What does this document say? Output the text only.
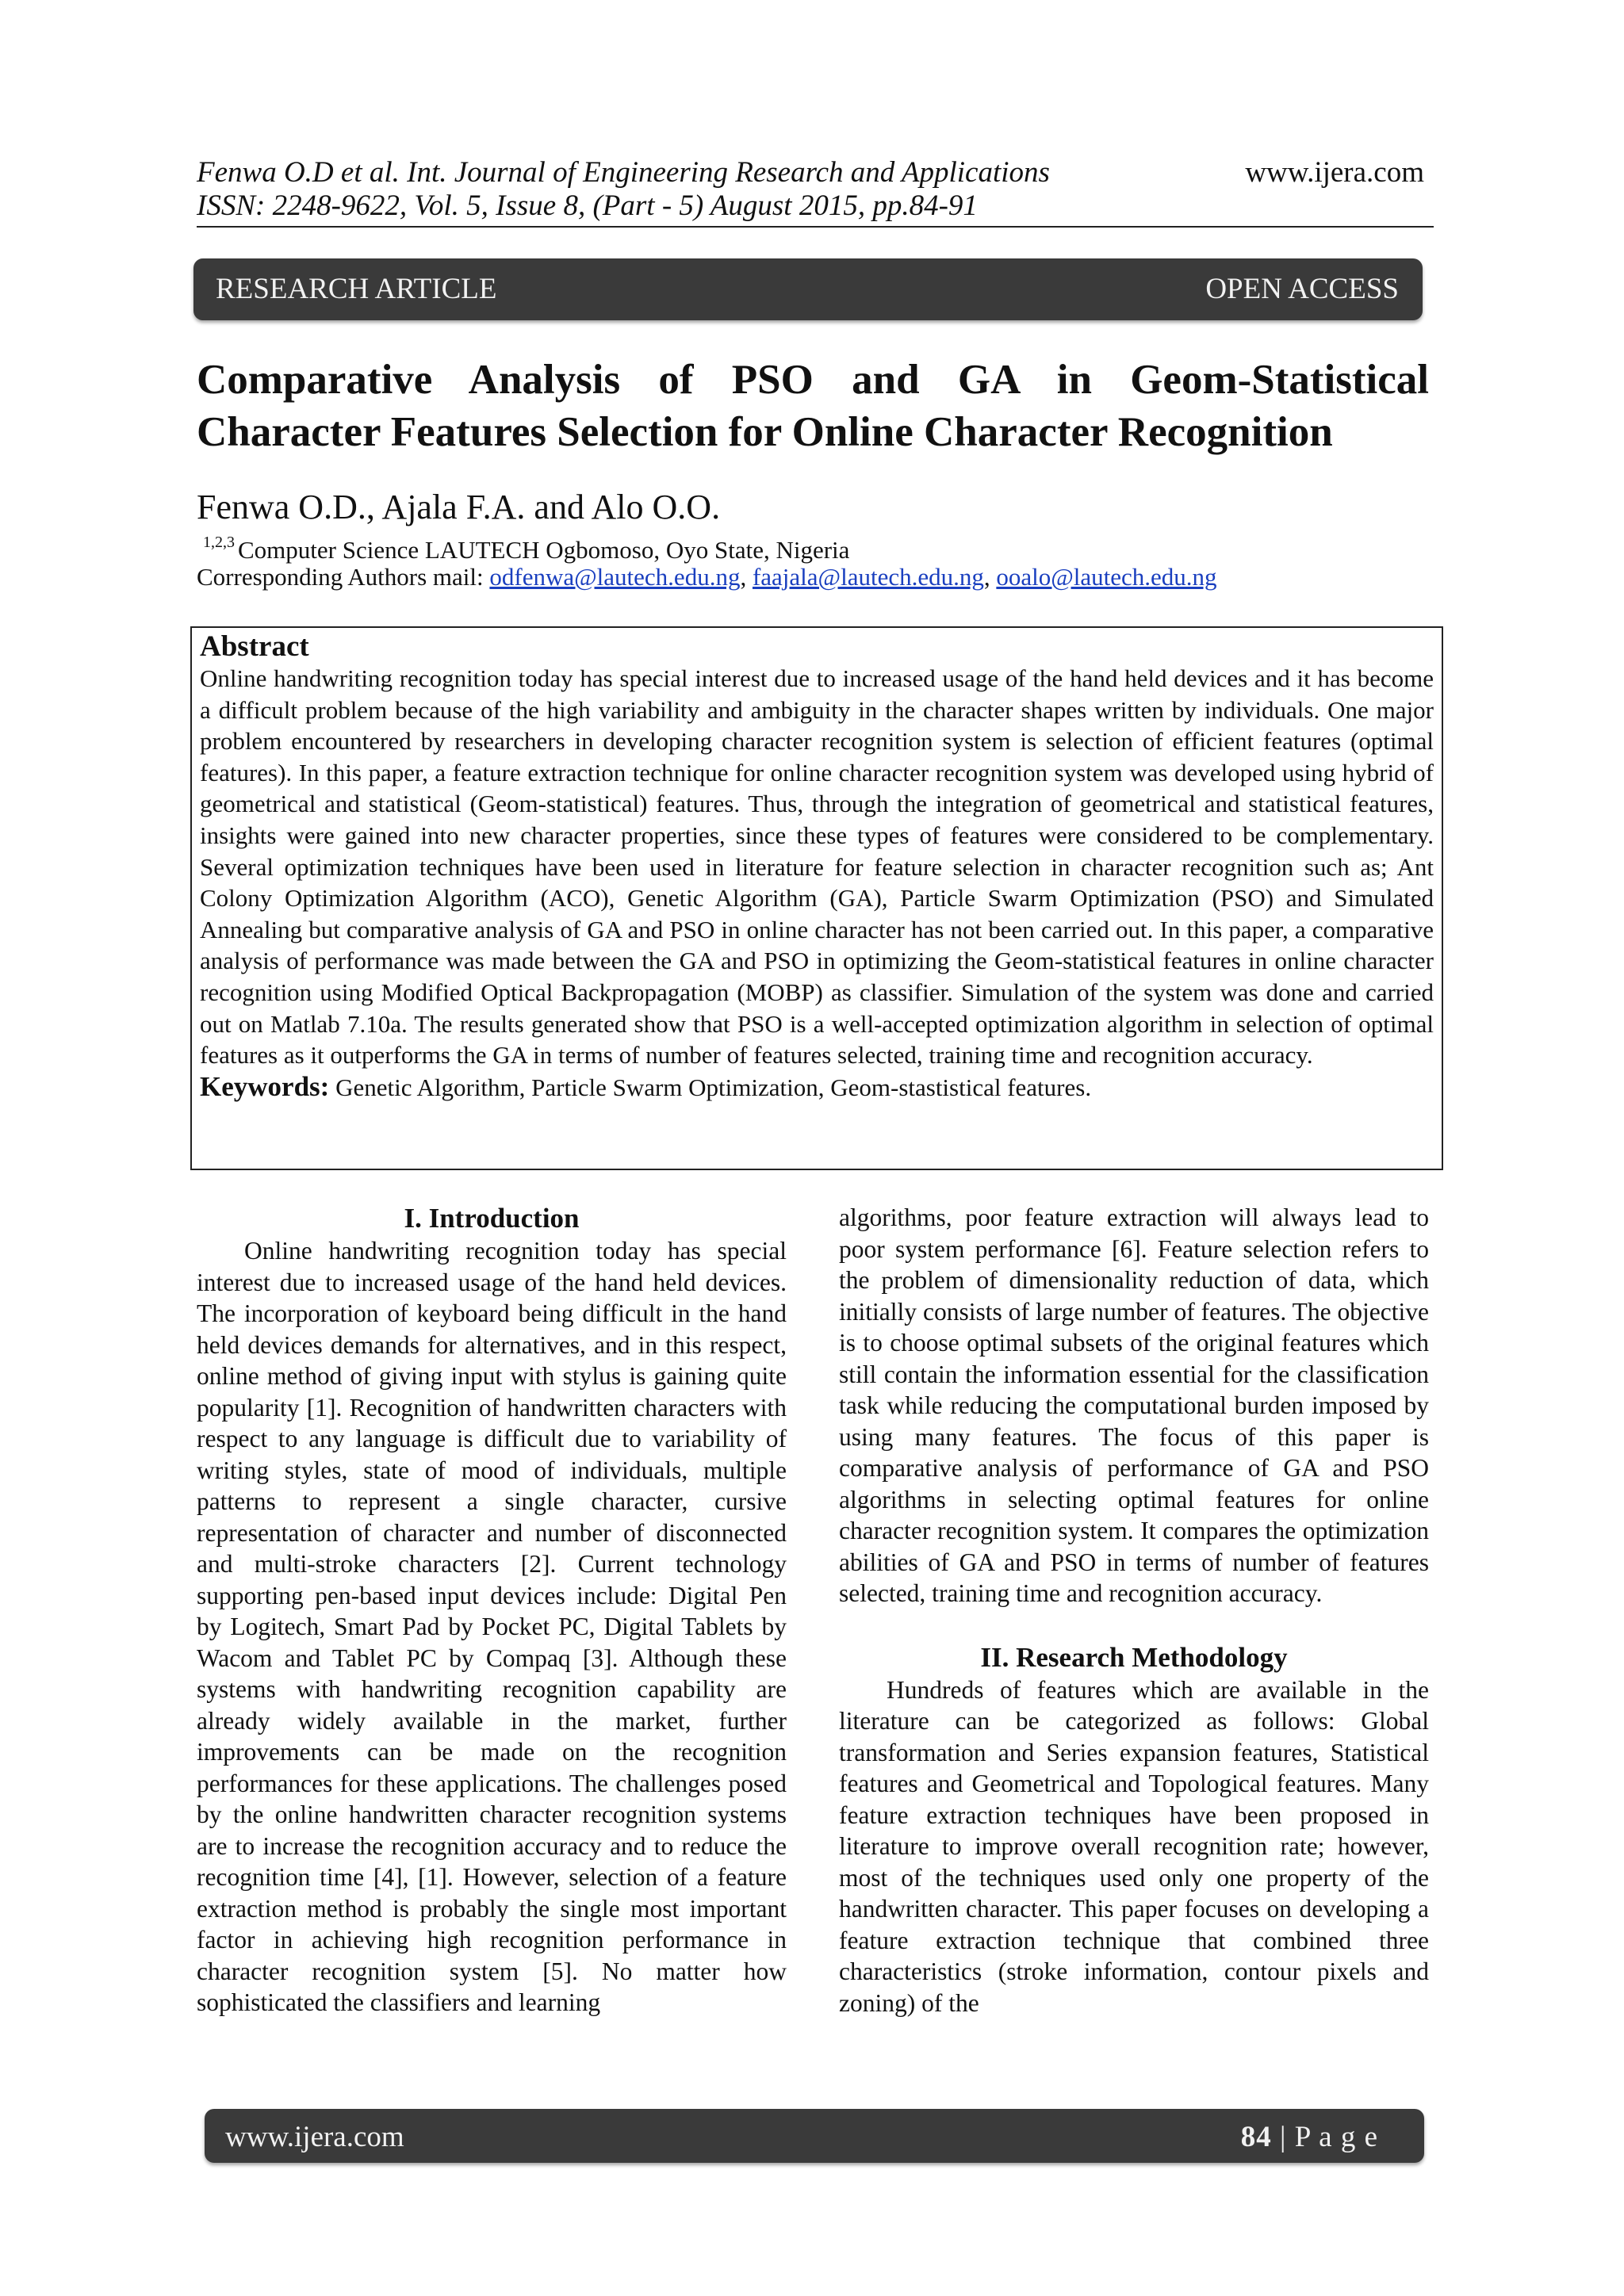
Fenwa O.D et al. Int. Journal of Engineering Research and Applications
ISSN: 2248-9622, Vol. 5, Issue 8, (Part - 5) August 2015, pp.84-91
www.ijera.com
RESEARCH ARTICLE	OPEN ACCESS
Comparative Analysis of PSO and GA in Geom-Statistical Character Features Selection for Online Character Recognition
Fenwa O.D., Ajala F.A. and Alo O.O.
$^{1,2,3}$ Computer Science LAUTECH Ogbomoso, Oyo State, Nigeria
Corresponding Authors mail: odfenwa@lautech.edu.ng, faajala@lautech.edu.ng, ooalo@lautech.edu.ng
Abstract

Online handwriting recognition today has special interest due to increased usage of the hand held devices and it has become a difficult problem because of the high variability and ambiguity in the character shapes written by individuals. One major problem encountered by researchers in developing character recognition system is selection of efficient features (optimal features). In this paper, a feature extraction technique for online character recognition system was developed using hybrid of geometrical and statistical (Geom-statistical) features. Thus, through the integration of geometrical and statistical features, insights were gained into new character properties, since these types of features were considered to be complementary. Several optimization techniques have been used in literature for feature selection in character recognition such as; Ant Colony Optimization Algorithm (ACO), Genetic Algorithm (GA), Particle Swarm Optimization (PSO) and Simulated Annealing but comparative analysis of GA and PSO in online character has not been carried out. In this paper, a comparative analysis of performance was made between the GA and PSO in optimizing the Geom-statistical features in online character recognition using Modified Optical Backpropagation (MOBP) as classifier. Simulation of the system was done and carried out on Matlab 7.10a. The results generated show that PSO is a well-accepted optimization algorithm in selection of optimal features as it outperforms the GA in terms of number of features selected, training time and recognition accuracy.

Keywords: Genetic Algorithm, Particle Swarm Optimization, Geom-stastistical features.

I. Introduction

Online handwriting recognition today has special interest due to increased usage of the hand held devices. The incorporation of keyboard being difficult in the hand held devices demands for alternatives, and in this respect, online method of giving input with stylus is gaining quite popularity [1]. Recognition of handwritten characters with respect to any language is difficult due to variability of writing styles, state of mood of individuals, multiple patterns to represent a single character, cursive representation of character and number of disconnected and multi-stroke characters [2]. Current technology supporting pen-based input devices include: Digital Pen by Logitech, Smart Pad by Pocket PC, Digital Tablets by Wacom and Tablet PC by Compaq [3]. Although these systems with handwriting recognition capability are already widely available in the market, further improvements can be made on the recognition performances for these applications. The challenges posed by the online handwritten character recognition systems are to increase the recognition accuracy and to reduce the recognition time [4], [1]. However, selection of a feature extraction method is probably the single most important factor in achieving high recognition performance in character recognition system [5]. No matter how sophisticated the classifiers and learning

algorithms, poor feature extraction will always lead to poor system performance [6]. Feature selection refers to the problem of dimensionality reduction of data, which initially consists of large number of features. The objective is to choose optimal subsets of the original features which still contain the information essential for the classification task while reducing the computational burden imposed by using many features. The focus of this paper is comparative analysis of performance of GA and PSO algorithms in selecting optimal features for online character recognition system. It compares the optimization abilities of GA and PSO in terms of number of features selected, training time and recognition accuracy.

II. Research Methodology

Hundreds of features which are available in the literature can be categorized as follows: Global transformation and Series expansion features, Statistical features and Geometrical and Topological features. Many feature extraction techniques have been proposed in literature to improve overall recognition rate; however, most of the techniques used only one property of the handwritten character. This paper focuses on developing a feature extraction technique that combined three characteristics (stroke information, contour pixels and zoning) of the

www.ijera.com	84 | P a g e
